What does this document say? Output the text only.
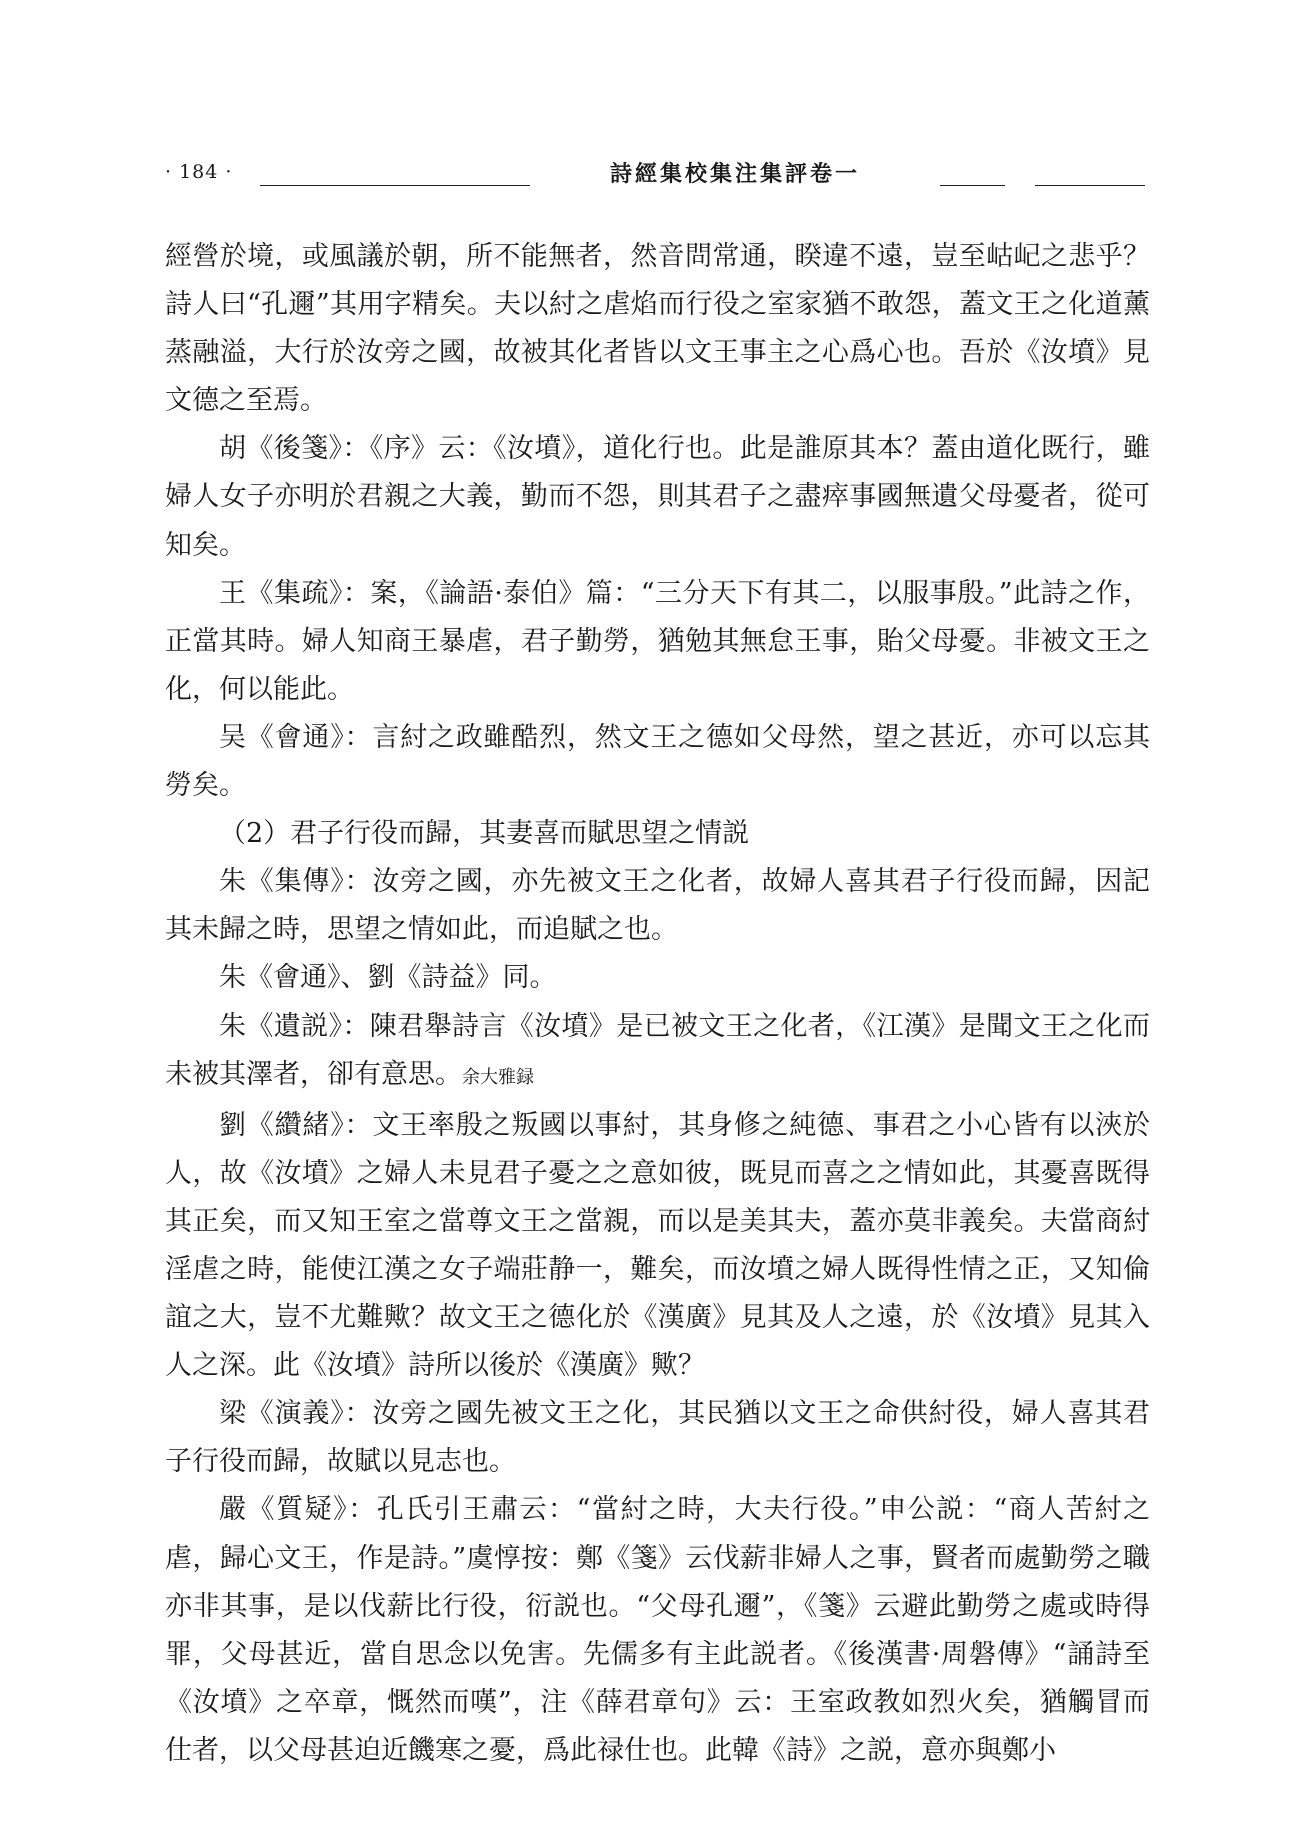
· 184 ·	詩經集校集注集評卷一

經營於境，或風議於朝，所不能無者，然音問常通，睽違不遠，豈至岵屺之悲乎？詩人曰“孔邇”其用字精矣。夫以紂之虐焰而行役之室家猶不敢怨，蓋文王之化道薰蒸融溢，大行於汝旁之國，故被其化者皆以文王事主之心爲心也。吾於《汝墳》見文德之至焉。

胡《後箋》：《序》云：《汝墳》，道化行也。此是誰原其本？蓋由道化既行，雖婦人女子亦明於君親之大義，勤而不怨，則其君子之盡瘁事國無遺父母憂者，從可知矣。

王《集疏》：案，《論語·泰伯》篇：“三分天下有其二，以服事殷。”此詩之作，正當其時。婦人知商王暴虐，君子勤勞，猶勉其無怠王事，貽父母憂。非被文王之化，何以能此。

吴《會通》：言紂之政雖酷烈，然文王之德如父母然，望之甚近，亦可以忘其勞矣。

（2）君子行役而歸，其妻喜而賦思望之情説

朱《集傳》：汝旁之國，亦先被文王之化者，故婦人喜其君子行役而歸，因記其未歸之時，思望之情如此，而追賦之也。

朱《會通》、劉《詩益》同。

朱《遺説》：陳君舉詩言《汝墳》是已被文王之化者，《江漢》是聞文王之化而未被其澤者，卻有意思。余大雅録

劉《纘緒》：文王率殷之叛國以事紂，其身修之純德、事君之小心皆有以浹於人，故《汝墳》之婦人未見君子憂之之意如彼，既見而喜之之情如此，其憂喜既得其正矣，而又知王室之當尊文王之當親，而以是美其夫，蓋亦莫非義矣。夫當商紂淫虐之時，能使江漢之女子端莊静一，難矣，而汝墳之婦人既得性情之正，又知倫誼之大，豈不尤難歟？故文王之德化於《漢廣》見其及人之遠，於《汝墳》見其入人之深。此《汝墳》詩所以後於《漢廣》歟？

梁《演義》：汝旁之國先被文王之化，其民猶以文王之命供紂役，婦人喜其君子行役而歸，故賦以見志也。

嚴《質疑》：孔氏引王肅云：“當紂之時，大夫行役。”申公説：“商人苦紂之虐，歸心文王，作是詩。”虞惇按：鄭《箋》云伐薪非婦人之事，賢者而處勤勞之職亦非其事，是以伐薪比行役，衍説也。“父母孔邇”，《箋》云避此勤勞之處或時得罪，父母甚近，當自思念以免害。先儒多有主此説者。《後漢書·周磐傳》“誦詩至《汝墳》之卒章，慨然而嘆”，注《薛君章句》云：王室政教如烈火矣，猶觸冒而仕者，以父母甚迫近饑寒之憂，爲此禄仕也。此韓《詩》之説，意亦與鄭小
